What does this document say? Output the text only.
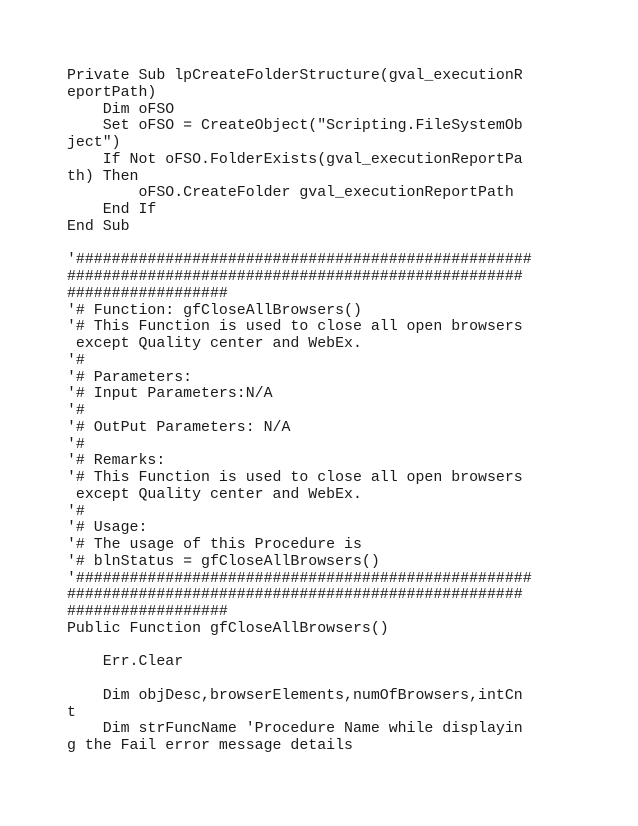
Private Sub lpCreateFolderStructure(gval_executionR
eportPath)
Dim oFSO
Set oFSO = CreateObject("Scripting.FileSystemOb
ject")
If Not oFSO.FolderExists(gval_executionReportPa
th) Then
oFSO.CreateFolder gval_executionReportPath
End If
End Sub
'###################################################
###################################################
##################
'# Function: gfCloseAllBrowsers()
'# This Function is used to close all open browsers
except Quality center and WebEx.
'#
'# Parameters:
'# Input Parameters:N/A
'#
'# OutPut Parameters: N/A
'#
'# Remarks:
'# This Function is used to close all open browsers
except Quality center and WebEx.
'#
'# Usage:
'# The usage of this Procedure is
'# blnStatus = gfCloseAllBrowsers()
'###################################################
###################################################
##################
Public Function gfCloseAllBrowsers()
Err.Clear
Dim objDesc,browserElements,numOfBrowsers,intCn
t
Dim strFuncName 'Procedure Name while displayin
g the Fail error message details
